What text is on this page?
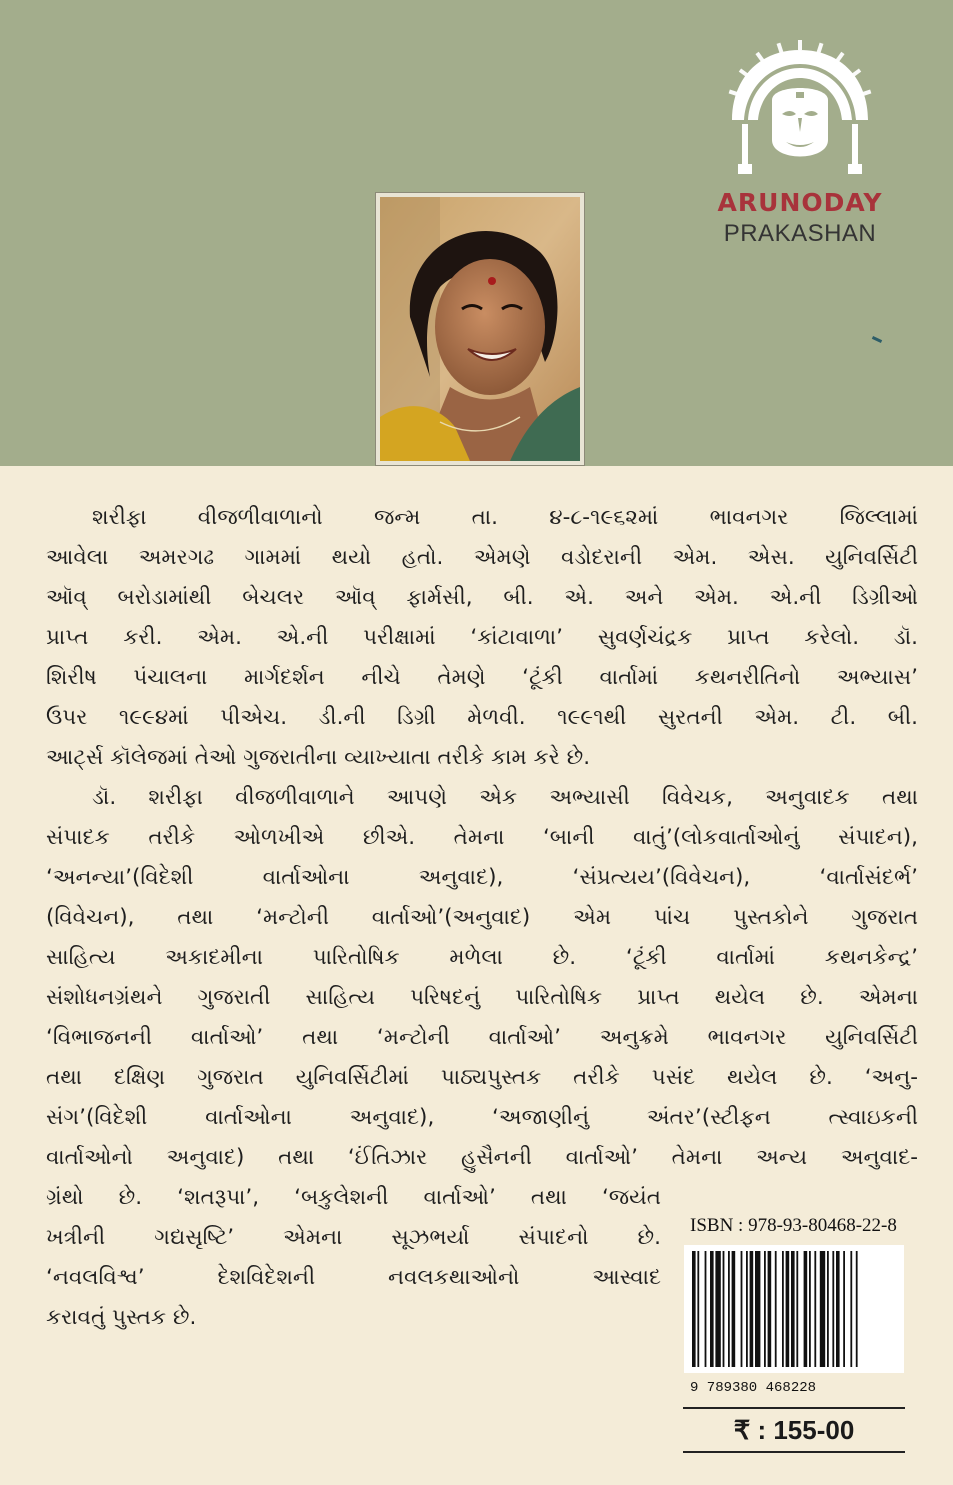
ARUNODAY
PRAKASHAN

શરીફા વીજળીવાળાનો જન્મ તા. ૪-૮-૧૯૬૨માં ભાવનગર જિલ્લામાં

આવેલા અમરગઢ ગામમાં થયો હતો. એમણે વડોદરાની એમ. એસ. યુનિવર્સિટી

ઑવ્ બરોડામાંથી બેચલર ઑવ્ ફાર્મસી, બી. એ. અને એમ. એ.ની ડિગ્રીઓ

પ્રાપ્ત કરી. એમ. એ.ની પરીક્ષામાં ‘કાંટાવાળા’ સુવર્ણચંદ્રક પ્રાપ્ત કરેલો. ડૉ.

શિરીષ પંચાલના માર્ગદર્શન નીચે તેમણે ‘ટૂંકી વાર્તામાં કથનરીતિનો અભ્યાસ’

ઉપર ૧૯૯૪માં પીએચ. ડી.ની ડિગ્રી મેળવી. ૧૯૯૧થી સુરતની એમ. ટી. બી.

આટ્‌ર્સ કૉલેજમાં તેઓ ગુજરાતીના વ્યાખ્યાતા તરીકે કામ કરે છે.

ડૉ. શરીફા વીજળીવાળાને આપણે એક અભ્યાસી વિવેચક, અનુવાદક તથા

સંપાદક તરીકે ઓળખીએ છીએ. તેમના ‘બાની વાતું’(લોકવાર્તાઓનું સંપાદન),

‘અનન્યા’(વિદેશી વાર્તાઓના અનુવાદ), ‘સંપ્રત્યય’(વિવેચન), ‘વાર્તાસંદર્ભ’

(વિવેચન), તથા ‘મન્ટોની વાર્તાઓ’(અનુવાદ) એમ પાંચ પુસ્તકોને ગુજરાત

સાહિત્ય અકાદમીના પારિતોષિક મળેલા છે. ‘ટૂંકી વાર્તામાં કથનકેન્દ્ર’

સંશોધનગ્રંથને ગુજરાતી સાહિત્ય પરિષદનું પારિતોષિક પ્રાપ્ત થયેલ છે. એમના

‘વિભાજનની વાર્તાઓ’ તથા ‘મન્ટોની વાર્તાઓ’ અનુક્રમે ભાવનગર યુનિવર્સિટી

તથા દક્ષિણ ગુજરાત યુનિવર્સિટીમાં પાઠ્યપુસ્તક તરીકે પસંદ થયેલ છે. ‘અનુ-

સંગ’(વિદેશી વાર્તાઓના અનુવાદ), ‘અજાણીનું અંતર’(સ્ટીફન ત્સ્વાઇકની

વાર્તાઓનો અનુવાદ) તથા ‘ઈંતિઝાર હુસૈનની વાર્તાઓ’ તેમના અન્ય અનુવાદ-

ગ્રંથો છે. ‘શતરૂપા’, ‘બકુલેશની વાર્તાઓ’ તથા ‘જયંત

ખત્રીની ગદ્યસૃષ્ટિ’ એમના સૂઝભર્યા સંપાદનો છે.

‘નવલવિશ્વ’ દેશવિદેશની નવલકથાઓનો આસ્વાદ

કરાવતું પુસ્તક છે.

ISBN : 978-93-80468-22-8
9 789380 468228
₹ : 155-00
